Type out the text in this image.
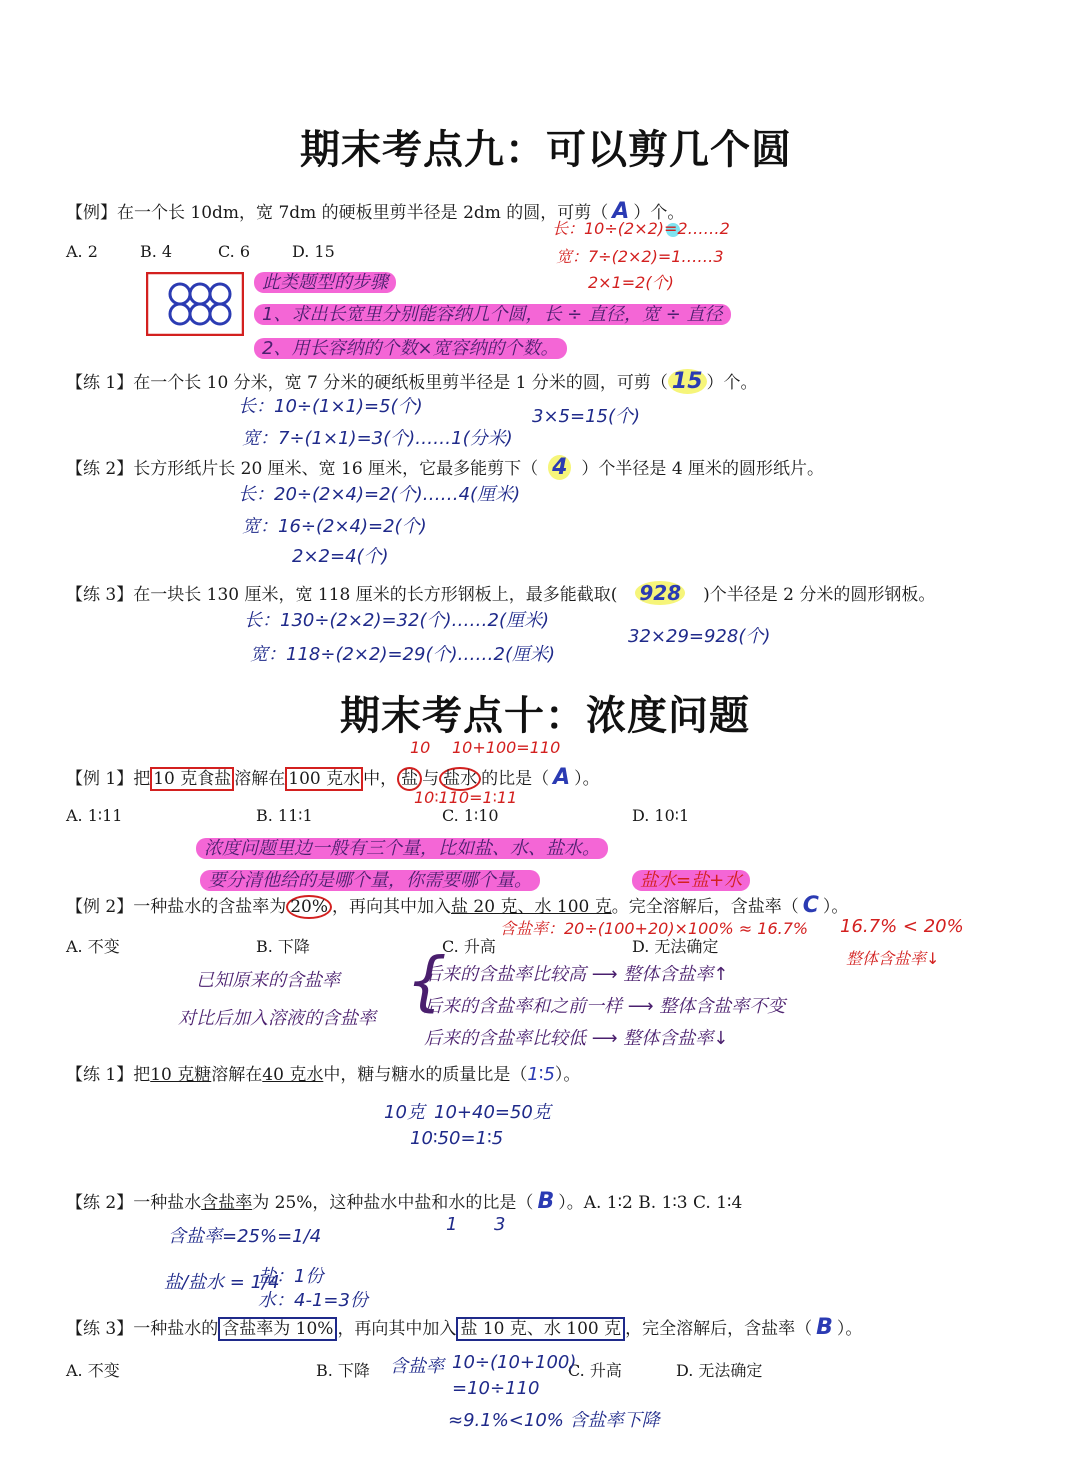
期末考点九：可以剪几个圆
【例】在一个长 10dm，宽 7dm 的硬板里剪半径是 2dm 的圆，可剪（ A ）个。
A. 2	B. 4	C. 6	D. 15
长：10÷(2×2)=2……2
宽：7÷(2×2)=1……3
2×1=2(个)
此类题型的步骤
1、求出长宽里分别能容纳几个圆，长 ÷ 直径，宽 ÷ 直径
2、用长容纳的个数×宽容纳的个数。
【练 1】在一个长 10 分米，宽 7 分米的硬纸板里剪半径是 1 分米的圆，可剪（ 15 ）个。
长：10÷(1×1)=5(个)
宽：7÷(1×1)=3(个)……1(分米)
3×5=15(个)
【练 2】长方形纸片长 20 厘米、宽 16 厘米，它最多能剪下（ 4 ）个半径是 4 厘米的圆形纸片。
长：20÷(2×4)=2(个)……4(厘米)
宽：16÷(2×4)=2(个)
2×2=4(个)
【练 3】在一块长 130 厘米，宽 118 厘米的长方形钢板上，最多能截取( 928 )个半径是 2 分米的圆形钢板。
长：130÷(2×2)=32(个)……2(厘米)
宽：118÷(2×2)=29(个)……2(厘米)
32×29=928(个)
期末考点十：浓度问题
10 10+100=110
【例 1】把 10 克食盐 溶解在 100 克水 中， 盐 与 盐水 的比是（ A ）。
10∶110=1∶11
A. 1∶11	B. 11∶1	C. 1∶10	D. 10∶1
浓度问题里边一般有三个量，比如盐、水、盐水。
要分清他给的是哪个量，你需要哪个量。	盐水=盐+水
【例 2】一种盐水的含盐率为 20% ，再向其中加入盐 20 克、水 100 克。完全溶解后，含盐率（ C ）。
含盐率：20÷(100+20)×100% ≈ 16.7% 16.7% < 20%
整体含盐率↓
A. 不变	B. 下降	C. 升高	D. 无法确定
已知原来的含盐率
对比后加入溶液的含盐率 {
后来的含盐率比较高 ⟶ 整体含盐率↑
后来的含盐率和之前一样 ⟶ 整体含盐率不变
后来的含盐率比较低 ⟶ 整体含盐率↓
【练 1】把10 克糖溶解在40 克水中，糖与糖水的质量比是（1∶5）。
10克 10+40=50克
10∶50=1∶5
【练 2】一种盐水含盐率为 25%，这种盐水中盐和水的比是（ B ）。A. 1∶2 B. 1∶3 C. 1∶4
1 3
含盐率=25%=1/4
盐/盐水 = 1/4
盐：1份
水：4-1=3份
【练 3】一种盐水的 含盐率为 10% ，再向其中加入 盐 10 克、水 100 克 ，完全溶解后，含盐率（ B ）。
A. 不变	B. 下降 含盐率	C. 升高	D. 无法确定
10÷(10+100)
=10÷110
≈9.1%<10% 含盐率下降
